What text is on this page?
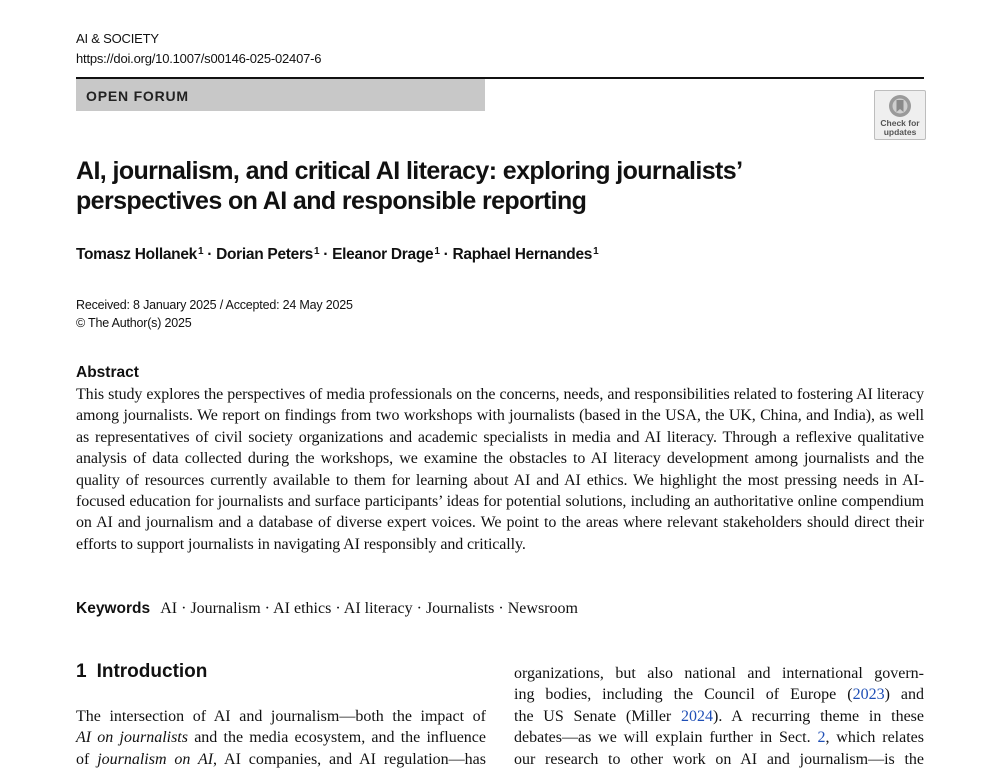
AI & SOCIETY
https://doi.org/10.1007/s00146-025-02407-6
OPEN FORUM
Check for
updates
AI, journalism, and critical AI literacy: exploring journalists’ perspectives on AI and responsible reporting
Tomasz Hollanek$^1$ · Dorian Peters$^1$ · Eleanor Drage$^1$ · Raphael Hernandes$^1$
Received: 8 January 2025 / Accepted: 24 May 2025
© The Author(s) 2025
Abstract

This study explores the perspectives of media professionals on the concerns, needs, and responsibilities related to fostering AI literacy among journalists. We report on findings from two workshops with journalists (based in the USA, the UK, China, and India), as well as representatives of civil society organizations and academic specialists in media and AI literacy. Through a reflexive qualitative analysis of data collected during the workshops, we examine the obstacles to AI literacy development among journalists and the quality of resources currently available to them for learning about AI and AI ethics. We highlight the most pressing needs in AI-focused education for journalists and surface participants’ ideas for potential solutions, including an authoritative online compendium on AI and journalism and a database of diverse expert voices. We point to the areas where relevant stakeholders should direct their efforts to support journalists in navigating AI responsibly and critically.

Keywords AI · Journalism · AI ethics · AI literacy · Journalists · Newsroom
1 Introduction
The intersection of AI and journalism—both the impact of
AI on journalists and the media ecosystem, and the influence
of journalism on AI, AI companies, and AI regulation—has
organizations, but also national and international govern-
ing bodies, including the Council of Europe (2023) and
the US Senate (Miller 2024). A recurring theme in these
debates—as we will explain further in Sect. 2, which relates
our research to other work on AI and journalism—is the
